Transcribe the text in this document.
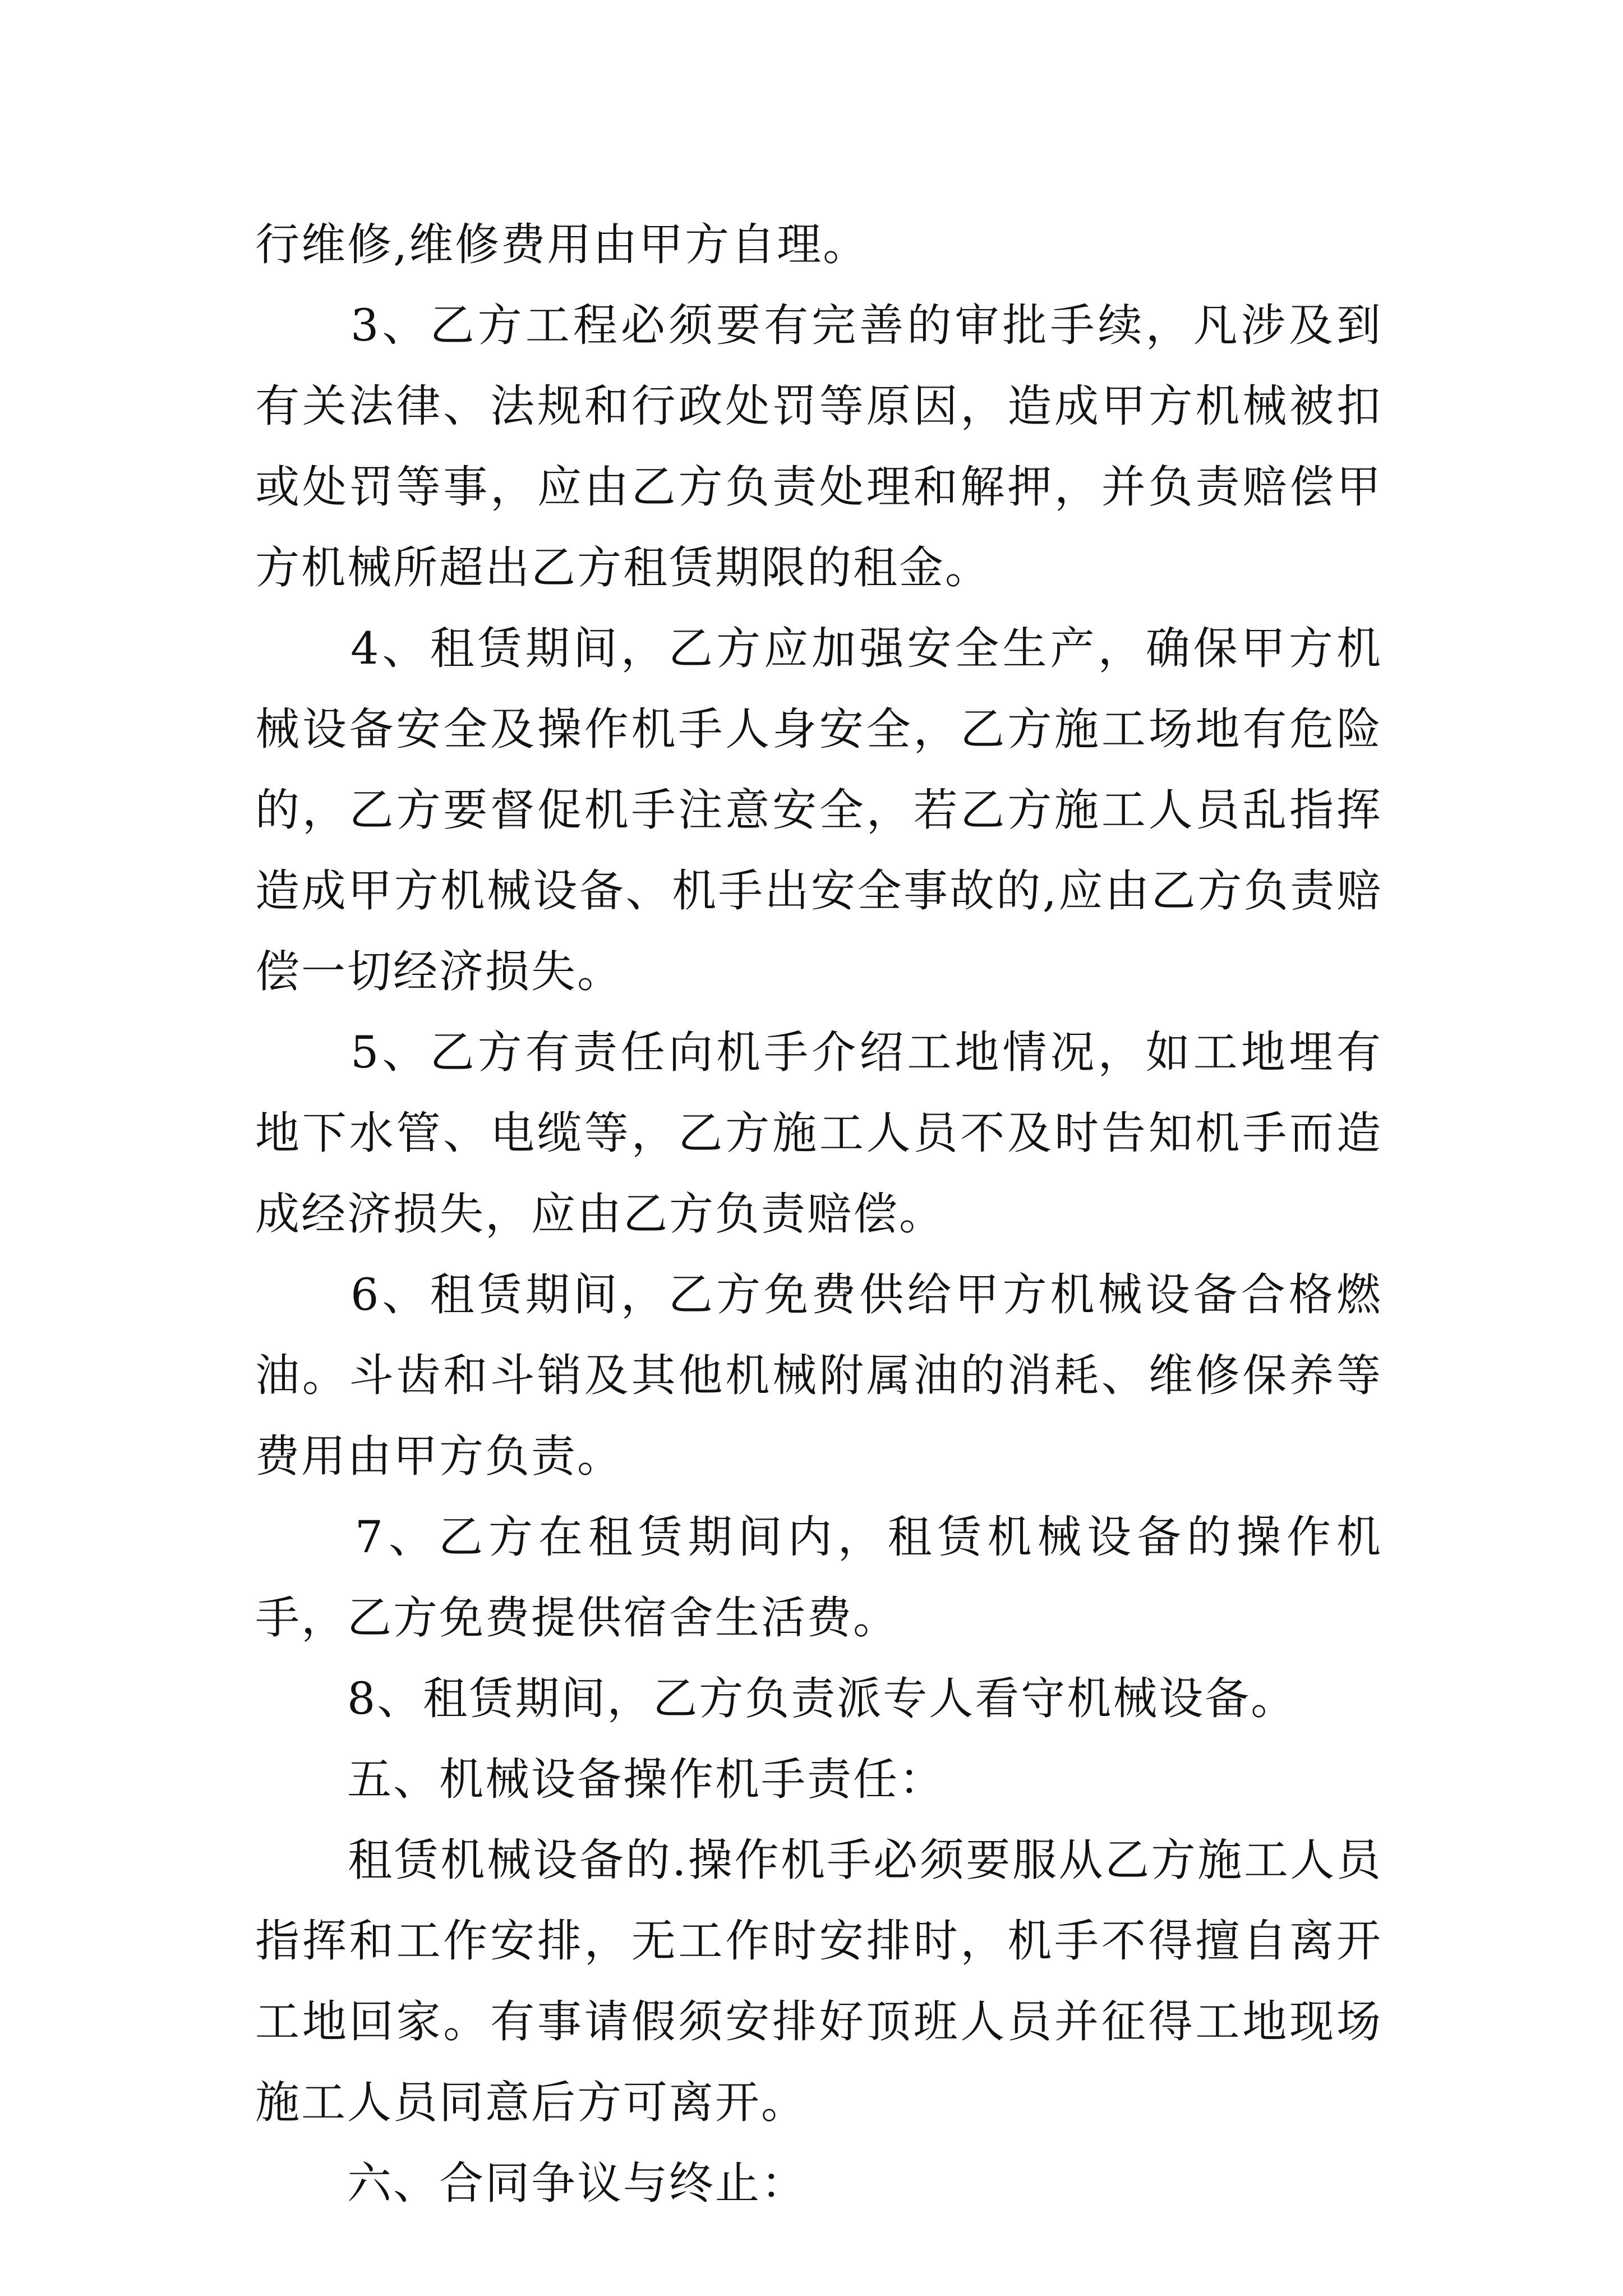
行维修,维修费用由甲方自理。

　　3、乙方工程必须要有完善的审批手续，凡涉及到有关法律、法规和行政处罚等原因，造成甲方机械被扣或处罚等事，应由乙方负责处理和解押，并负责赔偿甲方机械所超出乙方租赁期限的租金。

　　4、租赁期间，乙方应加强安全生产，确保甲方机械设备安全及操作机手人身安全，乙方施工场地有危险的，乙方要督促机手注意安全，若乙方施工人员乱指挥造成甲方机械设备、机手出安全事故的,应由乙方负责赔偿一切经济损失。

　　5、乙方有责任向机手介绍工地情况，如工地埋有地下水管、电缆等，乙方施工人员不及时告知机手而造成经济损失，应由乙方负责赔偿。

　　6、租赁期间，乙方免费供给甲方机械设备合格燃油。斗齿和斗销及其他机械附属油的消耗、维修保养等费用由甲方负责。

　　7、乙方在租赁期间内，租赁机械设备的操作机手，乙方免费提供宿舍生活费。

　　8、租赁期间，乙方负责派专人看守机械设备。

　　五、机械设备操作机手责任：

　　租赁机械设备的.操作机手必须要服从乙方施工人员指挥和工作安排，无工作时安排时，机手不得擅自离开工地回家。有事请假须安排好顶班人员并征得工地现场施工人员同意后方可离开。

　　六、合同争议与终止：
